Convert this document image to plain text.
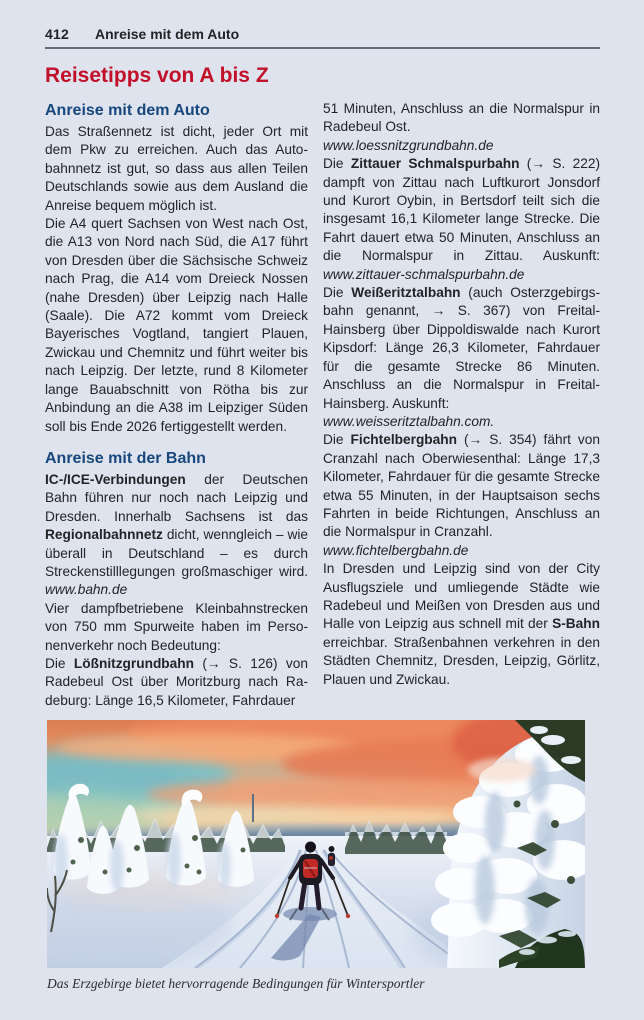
412 Anreise mit dem Auto
Reisetipps von A bis Z
Anreise mit dem Auto

Das Straßennetz ist dicht, jeder Ort mit dem Pkw zu erreichen. Auch das Autobahnnetz ist gut, so dass aus allen Teilen Deutschlands sowie aus dem Ausland die Anreise bequem möglich ist.

Die A4 quert Sachsen von West nach Ost, die A13 von Nord nach Süd, die A17 führt von Dresden über die Sächsische Schweiz nach Prag, die A14 vom Dreieck Nossen (nahe Dresden) über Leipzig nach Halle (Saale). Die A72 kommt vom Dreieck Bayerisches Vogtland, tangiert Plauen, Zwickau und Chemnitz und führt weiter bis nach Leipzig. Der letzte, rund 8 Kilometer lange Bauabschnitt von Rötha bis zur Anbindung an die A38 im Leipziger Süden soll bis Ende 2026 fertiggestellt werden.

Anreise mit der Bahn

IC-/ICE-Verbindungen der Deutschen Bahn führen nur noch nach Leipzig und Dresden. Innerhalb Sachsens ist das Regionalbahnnetz dicht, wenngleich – wie überall in Deutschland – es durch Streckenstilllegungen großmaschiger wird. www.bahn.de

Vier dampfbetriebene Kleinbahnstrecken von 750 mm Spurweite haben im Personenverkehr noch Bedeutung:

Die Lößnitzgrundbahn (→ S. 126) von Radebeul Ost über Moritzburg nach Radeburg: Länge 16,5 Kilometer, Fahrdauer

51 Minuten, Anschluss an die Normalspur in Radebeul Ost.

www.loessnitzgrundbahn.de

Die Zittauer Schmalspurbahn (→ S. 222) dampft von Zittau nach Luftkurort Jonsdorf und Kurort Oybin, in Bertsdorf teilt sich die insgesamt 16,1 Kilometer lange Strecke. Die Fahrt dauert etwa 50 Minuten, Anschluss an die Normalspur in Zittau. Auskunft: www.zittauer-schmalspurbahn.de

Die Weißeritztalbahn (auch Osterzgebirgsbahn genannt, → S. 367) von Freital-Hainsberg über Dippoldiswalde nach Kurort Kipsdorf: Länge 26,3 Kilometer, Fahrdauer für die gesamte Strecke 86 Minuten. Anschluss an die Normalspur in Freital-Hainsberg. Auskunft:

www.weisseritztalbahn.com.

Die Fichtelbergbahn (→ S. 354) fährt von Cranzahl nach Oberwiesenthal: Länge 17,3 Kilometer, Fahrdauer für die gesamte Strecke etwa 55 Minuten, in der Hauptsaison sechs Fahrten in beide Richtungen, Anschluss an die Normalspur in Cranzahl.

www.fichtelbergbahn.de

In Dresden und Leipzig sind von der City Ausflugsziele und umliegende Städte wie Radebeul und Meißen von Dresden aus und Halle von Leipzig aus schnell mit der S-Bahn erreichbar. Straßenbahnen verkehren in den Städten Chemnitz, Dresden, Leipzig, Görlitz, Plauen und Zwickau.

Das Erzgebirge bietet hervorragende Bedingungen für Wintersportler
